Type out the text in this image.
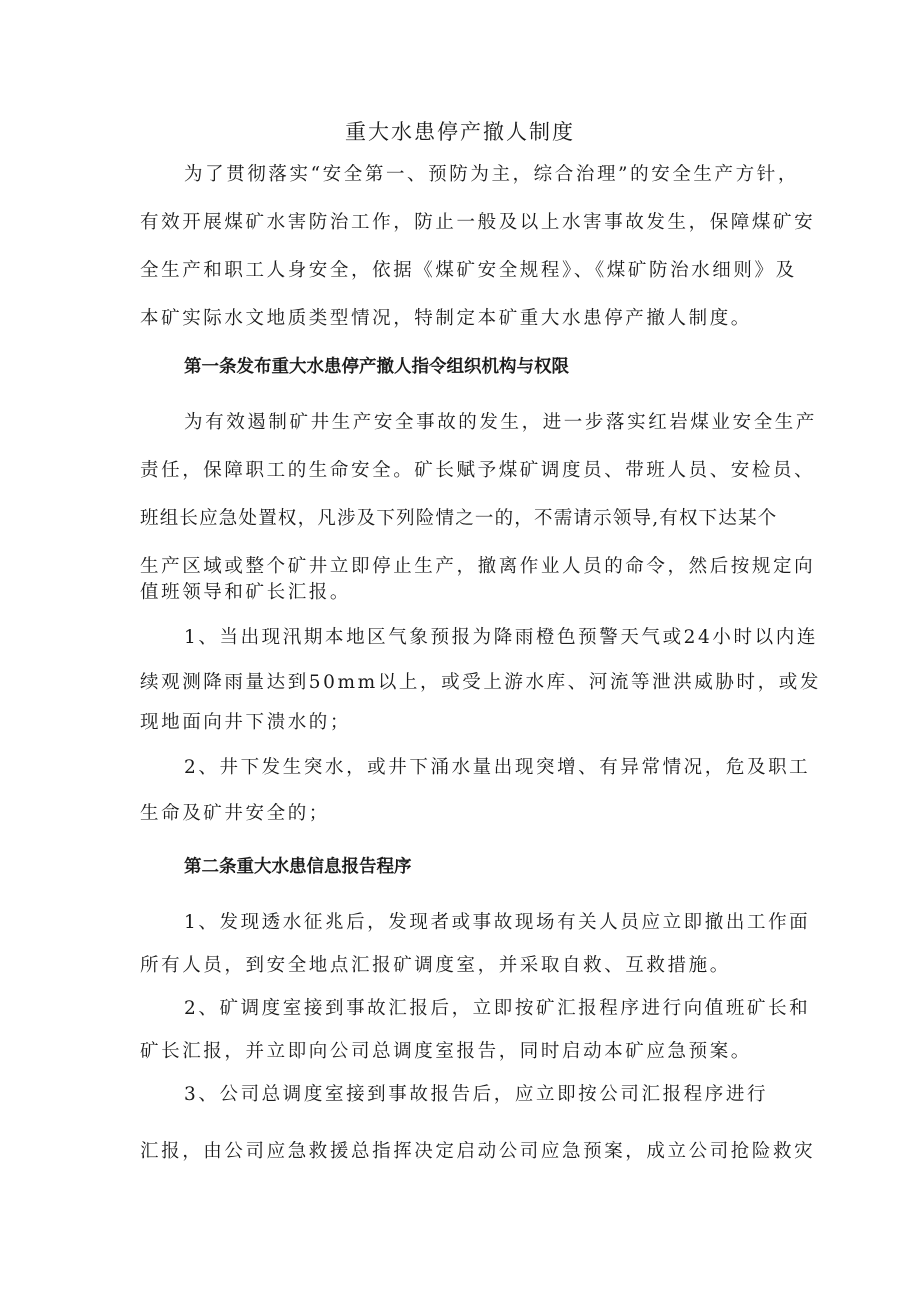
重大水患停产撤人制度
为了贯彻落实“安全第一、预防为主，综合治理”的安全生产方针，
有效开展煤矿水害防治工作，防止一般及以上水害事故发生，保障煤矿安
全生产和职工人身安全，依据《煤矿安全规程》、《煤矿防治水细则》及
本矿实际水文地质类型情况，特制定本矿重大水患停产撤人制度。
第一条发布重大水患停产撤人指令组织机构与权限
为有效遏制矿井生产安全事故的发生，进一步落实红岩煤业安全生产
责任，保障职工的生命安全。矿长赋予煤矿调度员、带班人员、安检员、
班组长应急处置权，凡涉及下列险情之一的，不需请示领导,有权下达某个
生产区域或整个矿井立即停止生产，撤离作业人员的命令，然后按规定向
值班领导和矿长汇报。
1、当出现汛期本地区气象预报为降雨橙色预警天气或24小时以内连
续观测降雨量达到50mm以上，或受上游水库、河流等泄洪威胁时，或发
现地面向井下溃水的；
2、井下发生突水，或井下涌水量出现突增、有异常情况，危及职工
生命及矿井安全的；
第二条重大水患信息报告程序
1、发现透水征兆后，发现者或事故现场有关人员应立即撤出工作面
所有人员，到安全地点汇报矿调度室，并采取自救、互救措施。
2、矿调度室接到事故汇报后，立即按矿汇报程序进行向值班矿长和
矿长汇报，并立即向公司总调度室报告，同时启动本矿应急预案。
3、公司总调度室接到事故报告后，应立即按公司汇报程序进行
汇报，由公司应急救援总指挥决定启动公司应急预案，成立公司抢险救灾
